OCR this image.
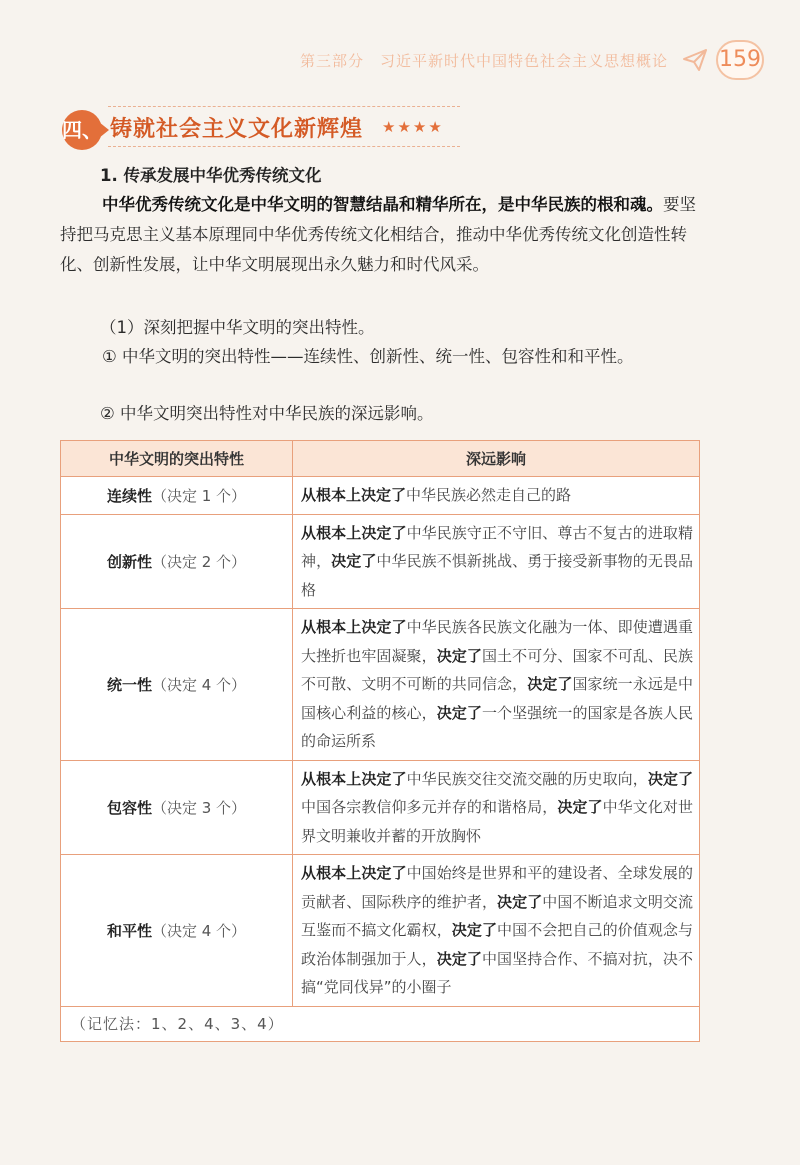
第三部分　习近平新时代中国特色社会主义思想概论 159
四、 铸就社会主义文化新辉煌 ★★★★
1. 传承发展中华优秀传统文化
中华优秀传统文化是中华文明的智慧结晶和精华所在，是中华民族的根和魂。要坚持把马克思主义基本原理同中华优秀传统文化相结合，推动中华优秀传统文化创造性转化、创新性发展，让中华文明展现出永久魅力和时代风采。
（1）深刻把握中华文明的突出特性。
① 中华文明的突出特性——连续性、创新性、统一性、包容性和和平性。
② 中华文明突出特性对中华民族的深远影响。
中华文明的突出特性	深远影响
连续性（决定 1 个）	从根本上决定了中华民族必然走自己的路
创新性（决定 2 个）	从根本上决定了中华民族守正不守旧、尊古不复古的进取精神，决定了中华民族不惧新挑战、勇于接受新事物的无畏品格
统一性（决定 4 个）	从根本上决定了中华民族各民族文化融为一体、即使遭遇重大挫折也牢固凝聚，决定了国土不可分、国家不可乱、民族不可散、文明不可断的共同信念，决定了国家统一永远是中国核心利益的核心，决定了一个坚强统一的国家是各族人民的命运所系
包容性（决定 3 个）	从根本上决定了中华民族交往交流交融的历史取向，决定了中国各宗教信仰多元并存的和谐格局，决定了中华文化对世界文明兼收并蓄的开放胸怀
和平性（决定 4 个）	从根本上决定了中国始终是世界和平的建设者、全球发展的贡献者、国际秩序的维护者，决定了中国不断追求文明交流互鉴而不搞文化霸权，决定了中国不会把自己的价值观念与政治体制强加于人，决定了中国坚持合作、不搞对抗，决不搞“党同伐异”的小圈子
（记忆法：1、2、4、3、4）	
